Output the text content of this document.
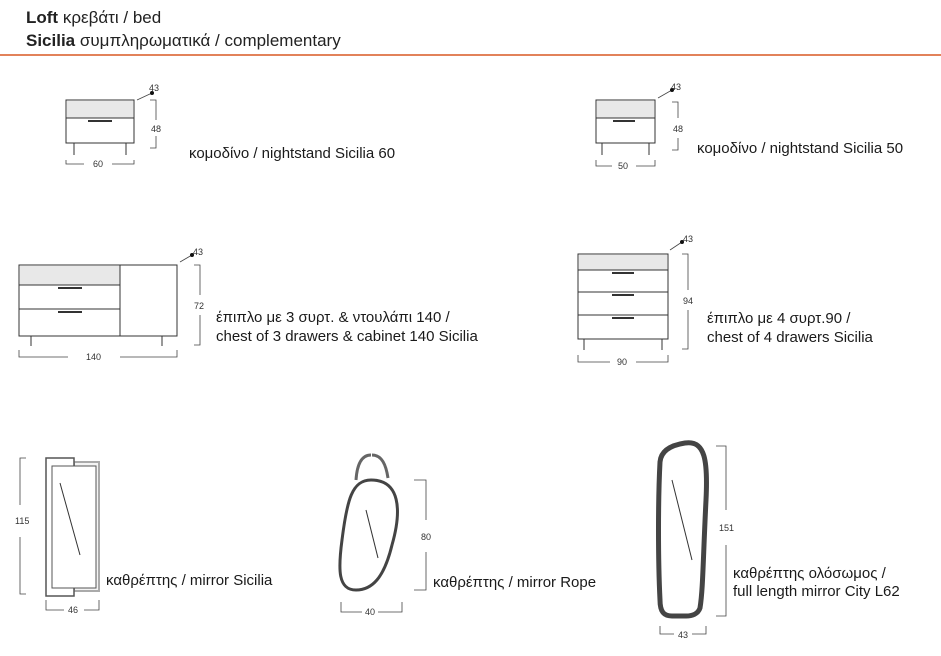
Loft κρεβάτι / bed
Sicilia συμπληρωματικά / complementary
60
48
43
50
48
43
140
72
43
90
94
43
46
115
40
80
43
151
κομοδίνο / nightstand Sicilia 60	κομοδίνο / nightstand Sicilia 50
έπιπλο με 3 συρτ. & ντουλάπι 140 /
chest of 3 drawers & cabinet 140 Sicilia
έπιπλο με 4 συρτ.90 /
chest of 4 drawers Sicilia
καθρέπτης / mirror Sicilia	καθρέπτης / mirror Rope
καθρέπτης ολόσωμος /
full length mirror City L62
